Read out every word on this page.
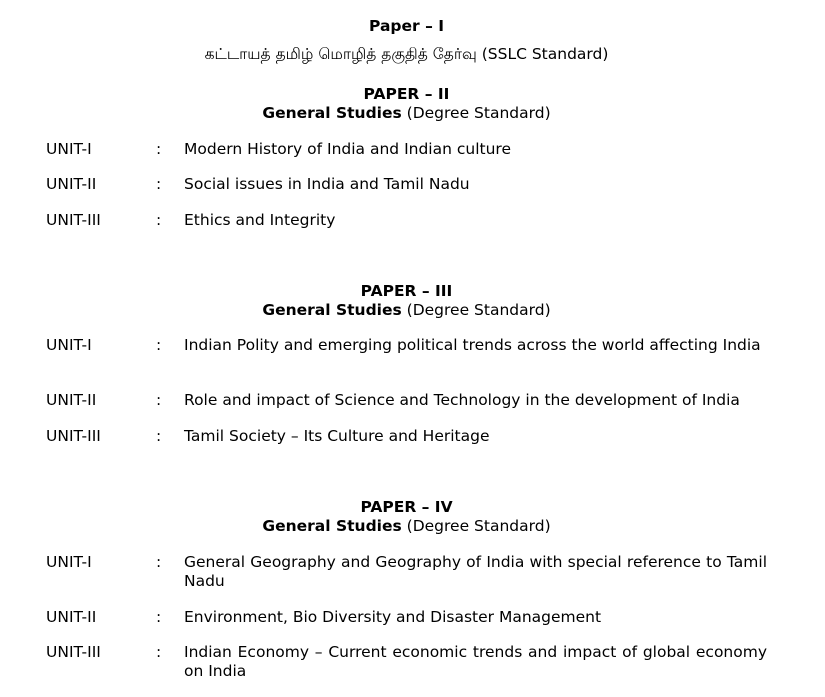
Paper – I
கட்டாயத் தமிழ் மொழித் தகுதித் தேர்வு (SSLC Standard)
PAPER – II
General Studies (Degree Standard)
UNIT-I	: Modern History of India and Indian culture
UNIT-II	: Social issues in India and Tamil Nadu
UNIT-III	: Ethics and Integrity
PAPER – III
General Studies (Degree Standard)
UNIT-I	: Indian Polity and emerging political trends across the world affecting India
UNIT-II	: Role and impact of Science and Technology in the development of India
UNIT-III	: Tamil Society – Its Culture and Heritage
PAPER – IV
General Studies (Degree Standard)
UNIT-I	: General Geography and Geography of India with special reference to Tamil Nadu
UNIT-II	: Environment, Bio Diversity and Disaster Management
UNIT-III	: Indian Economy – Current economic trends and impact of global economy on India
